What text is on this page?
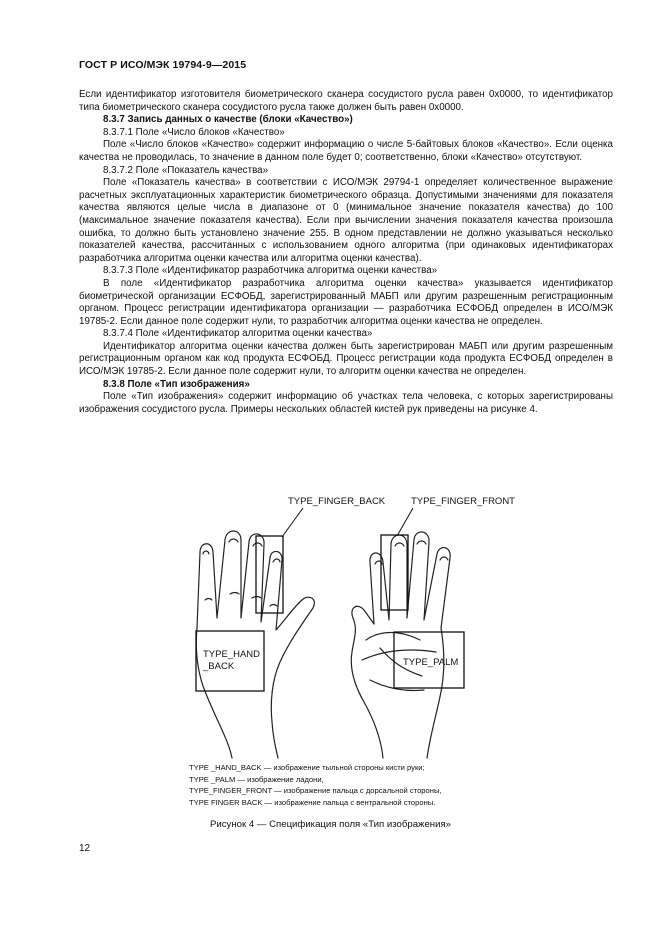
ГОСТ Р ИСО/МЭК 19794-9—2015

Если идентификатор изготовителя биометрического сканера сосудистого русла равен 0x0000, то идентификатор типа биометрического сканера сосудистого русла также должен быть равен 0x0000.

8.3.7 Запись данных о качестве (блоки «Качество»)

8.3.7.1 Поле «Число блоков «Качество»

Поле «Число блоков «Качество» содержит информацию о числе 5-байтовых блоков «Качество». Если оценка качества не проводилась, то значение в данном поле будет 0; соответственно, блоки «Качество» отсутствуют.

8.3.7.2 Поле «Показатель качества»

Поле «Показатель качества» в соответствии с ИСО/МЭК 29794-1 определяет количественное выражение расчетных эксплуатационных характеристик биометрического образца. Допустимыми значениями для показателя качества являются целые числа в диапазоне от 0 (минимальное значение показателя качества) до 100 (максимальное значение показателя качества). Если при вычислении значения показателя качества произошла ошибка, то должно быть установлено значение 255. В одном представлении не должно указываться несколько показателей качества, рассчитанных с использованием одного алгоритма (при одинаковых идентификаторах разработчика алгоритма оценки качества или алгоритма оценки качества).

8.3.7.3 Поле «Идентификатор разработчика алгоритма оценки качества»

В поле «Идентификатор разработчика алгоритма оценки качества» указывается идентификатор биометрической организации ЕСФОБД, зарегистрированный МАБП или другим разрешенным регистрационным органом. Процесс регистрации идентификатора организации — разработчика ЕСФОБД определен в ИСО/МЭК 19785-2. Если данное поле содержит нули, то разработчик алгоритма оценки качества не определен.

8.3.7.4 Поле «Идентификатор алгоритма оценки качества»

Идентификатор алгоритма оценки качества должен быть зарегистрирован МАБП или другим разрешенным регистрационным органом как код продукта ЕСФОБД. Процесс регистрации кода продукта ЕСФОБД определен в ИСО/МЭК 19785-2. Если данное поле содержит нули, то алгоритм оценки качества не определен.

8.3.8 Поле «Тип изображения»

Поле «Тип изображения» содержит информацию об участках тела человека, с которых зарегистрированы изображения сосудистого русла. Примеры нескольких областей кистей рук приведены на рисунке 4.

TYPE_FINGER_BACK	TYPE_FINGER_FRONT
TYPE_HAND
_BACK	TYPE_PALM
TYPE _HAND_BACK — изображение тыльной стороны кисти руки;
TYPE _PALM — изображение ладони,
TYPE_FINGER_FRONT — изображение пальца с дорсальной стороны,
TYPE FINGER BACK — изображение пальца с вентральной стороны.
Рисунок 4 — Спецификация поля «Тип изображения»
12
